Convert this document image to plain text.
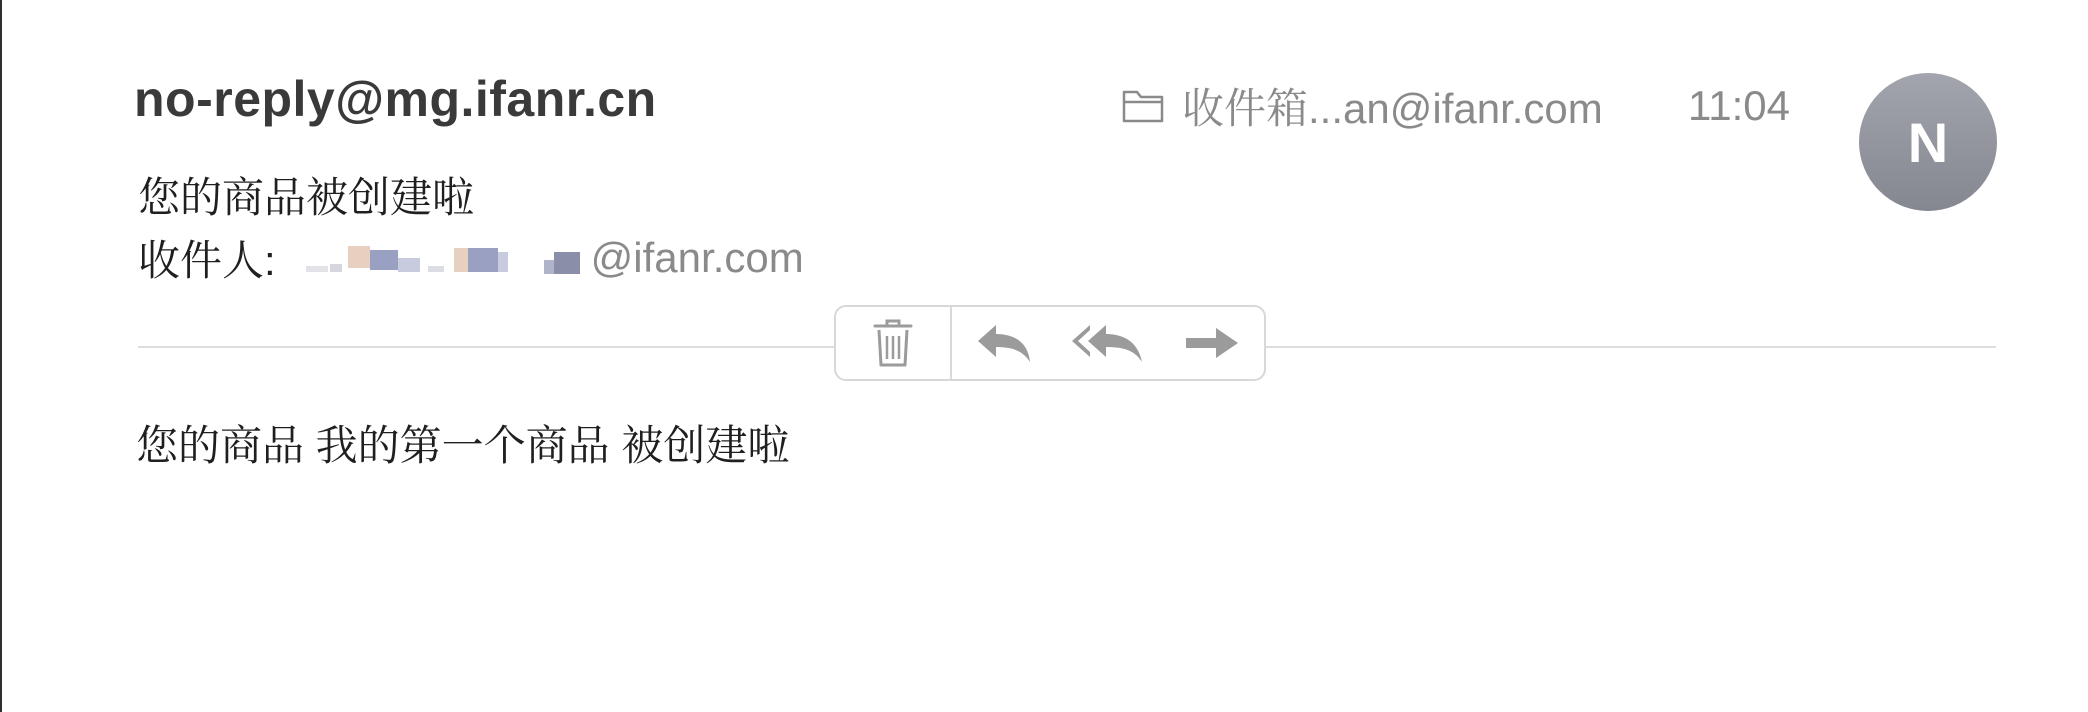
no-reply@mg.ifanr.cn	收件箱...an@ifanr.com 11:04
N
您的商品被创建啦
收件人:	@ifanr.com
您的商品 我的第一个商品 被创建啦
